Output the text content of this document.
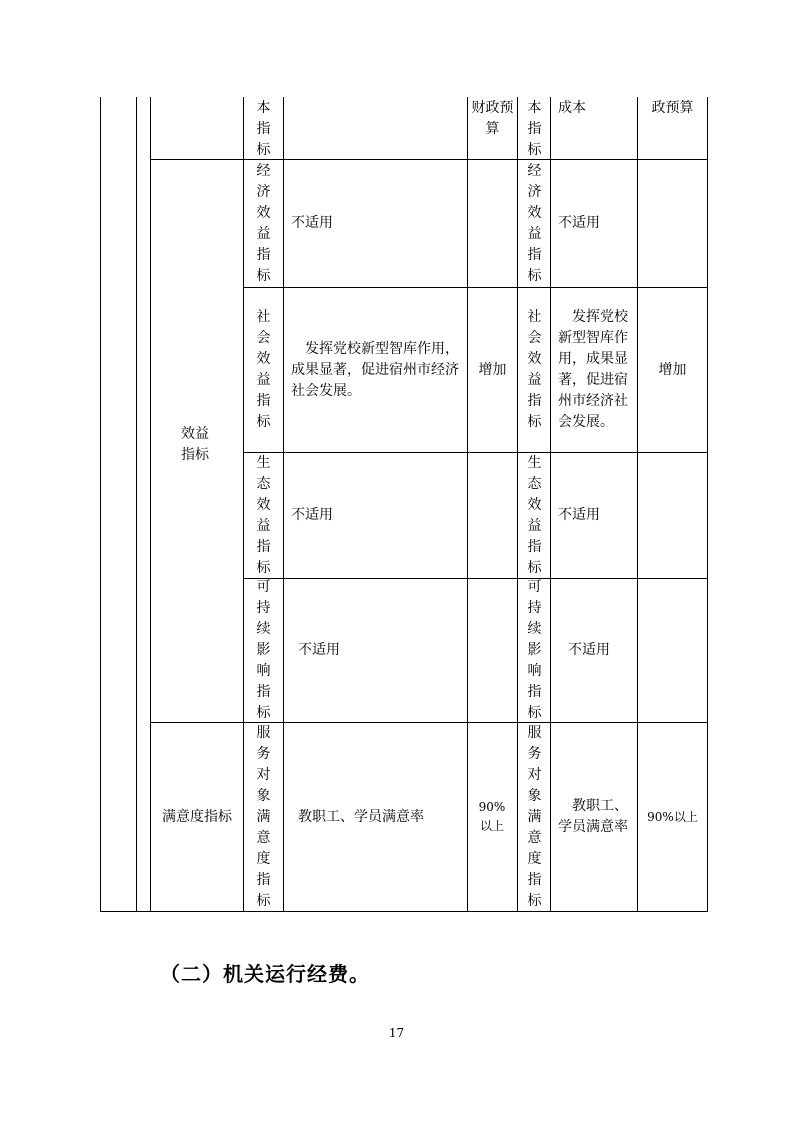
本指标
财政预算
本指标
成本	政预算
效益指标
经济效益指标
不适用
经济效益指标
不适用
社会效益指标
发挥党校新型智库作用，成果显著，促进宿州市经济社会发展。
增加
社会效益指标
发挥党校新型智库作用，成果显著，促进宿州市经济社会发展。
增加
生态效益指标
不适用
生态效益指标
不适用
可持续影响指标
不适用
可持续影响指标
不适用
满意度指标
服务对象满意度指标
教职工、学员满意率
90%以上
服务对象满意度指标
教职工、学员满意率
90%以上
（二）机关运行经费。
17
